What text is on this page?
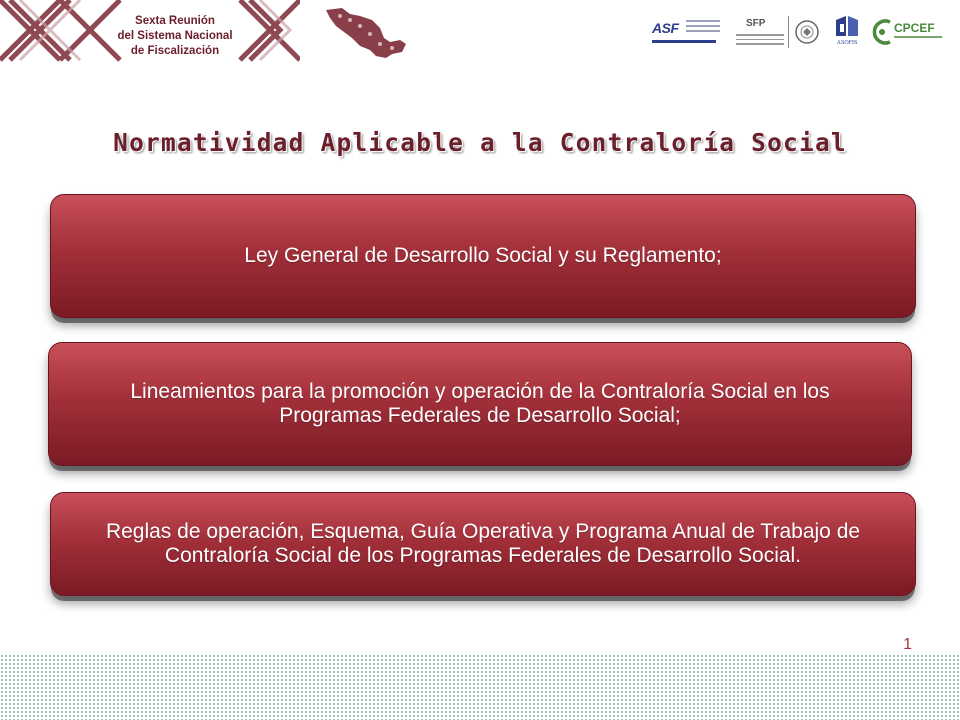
Sexta Reunión
del Sistema Nacional
de Fiscalización
ASF	SFP
ASOFIS
CPCEF
Normatividad Aplicable a la Contraloría Social
Ley General de Desarrollo Social y su Reglamento;
Lineamientos para la promoción y operación de la Contraloría Social en los Programas Federales de Desarrollo Social;
Reglas de operación, Esquema, Guía Operativa y Programa Anual de Trabajo de Contraloría Social de los Programas Federales de Desarrollo Social.
1
